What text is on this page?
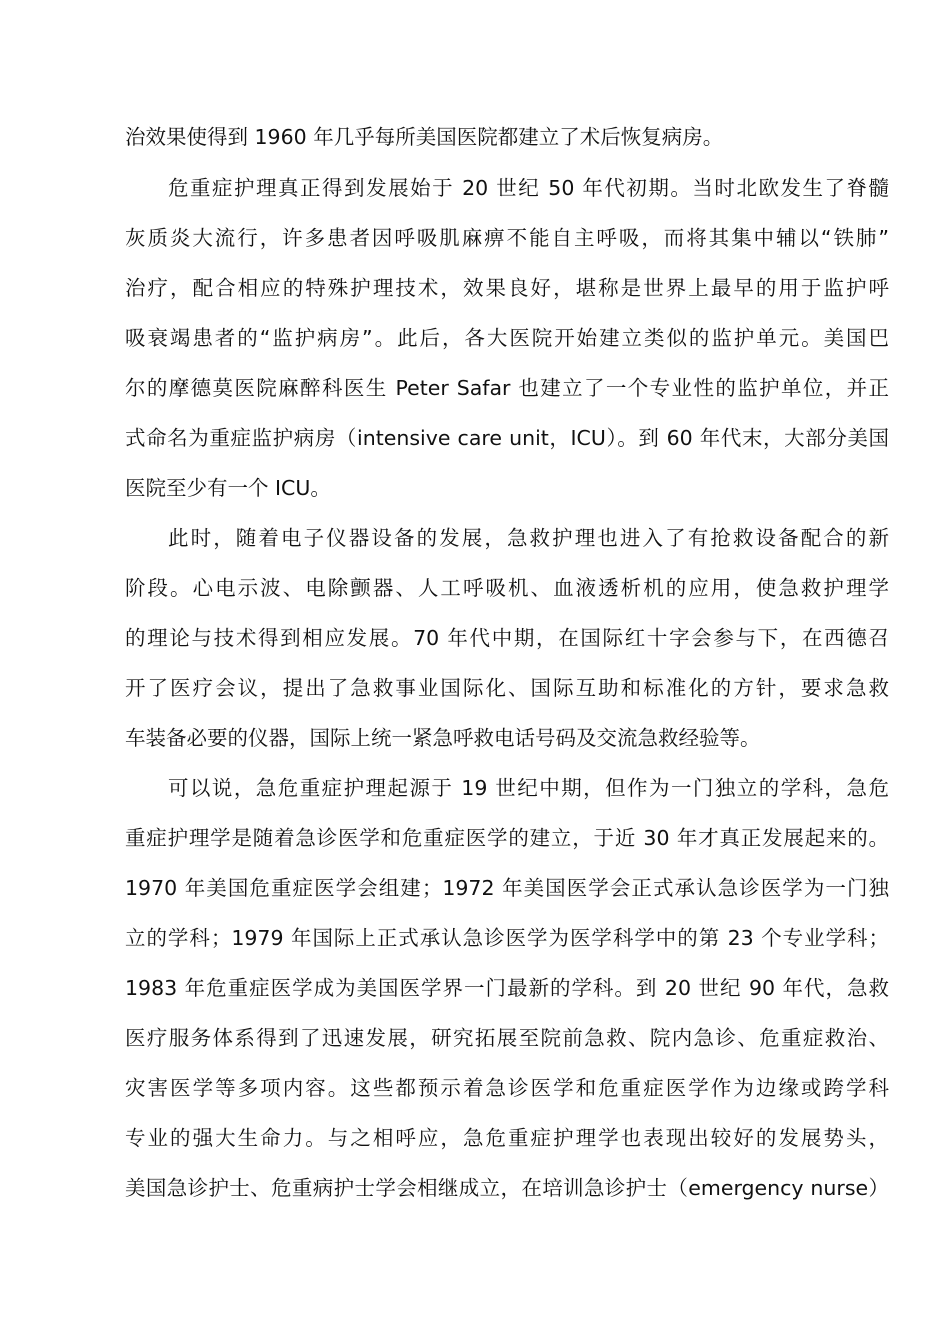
治效果使得到 1960 年几乎每所美国医院都建立了术后恢复病房。
危重症护理真正得到发展始于 20 世纪 50 年代初期。当时北欧发生了脊髓
灰质炎大流行，许多患者因呼吸肌麻痹不能自主呼吸，而将其集中辅以“铁肺”
治疗，配合相应的特殊护理技术，效果良好，堪称是世界上最早的用于监护呼
吸衰竭患者的“监护病房”。此后，各大医院开始建立类似的监护单元。美国巴
尔的摩德莫医院麻醉科医生 Peter Safar 也建立了一个专业性的监护单位，并正
式命名为重症监护病房（intensive care unit，ICU）。到 60 年代末，大部分美国
医院至少有一个 ICU。
此时，随着电子仪器设备的发展，急救护理也进入了有抢救设备配合的新
阶段。心电示波、电除颤器、人工呼吸机、血液透析机的应用，使急救护理学
的理论与技术得到相应发展。70 年代中期，在国际红十字会参与下，在西德召
开了医疗会议，提出了急救事业国际化、国际互助和标准化的方针，要求急救
车装备必要的仪器，国际上统一紧急呼救电话号码及交流急救经验等。
可以说，急危重症护理起源于 19 世纪中期，但作为一门独立的学科，急危
重症护理学是随着急诊医学和危重症医学的建立，于近 30 年才真正发展起来的。
1970 年美国危重症医学会组建；1972 年美国医学会正式承认急诊医学为一门独
立的学科；1979 年国际上正式承认急诊医学为医学科学中的第 23 个专业学科；
1983 年危重症医学成为美国医学界一门最新的学科。到 20 世纪 90 年代，急救
医疗服务体系得到了迅速发展，研究拓展至院前急救、院内急诊、危重症救治、
灾害医学等多项内容。这些都预示着急诊医学和危重症医学作为边缘或跨学科
专业的强大生命力。与之相呼应，急危重症护理学也表现出较好的发展势头，
美国急诊护士、危重病护士学会相继成立，在培训急诊护士（emergency nurse）
